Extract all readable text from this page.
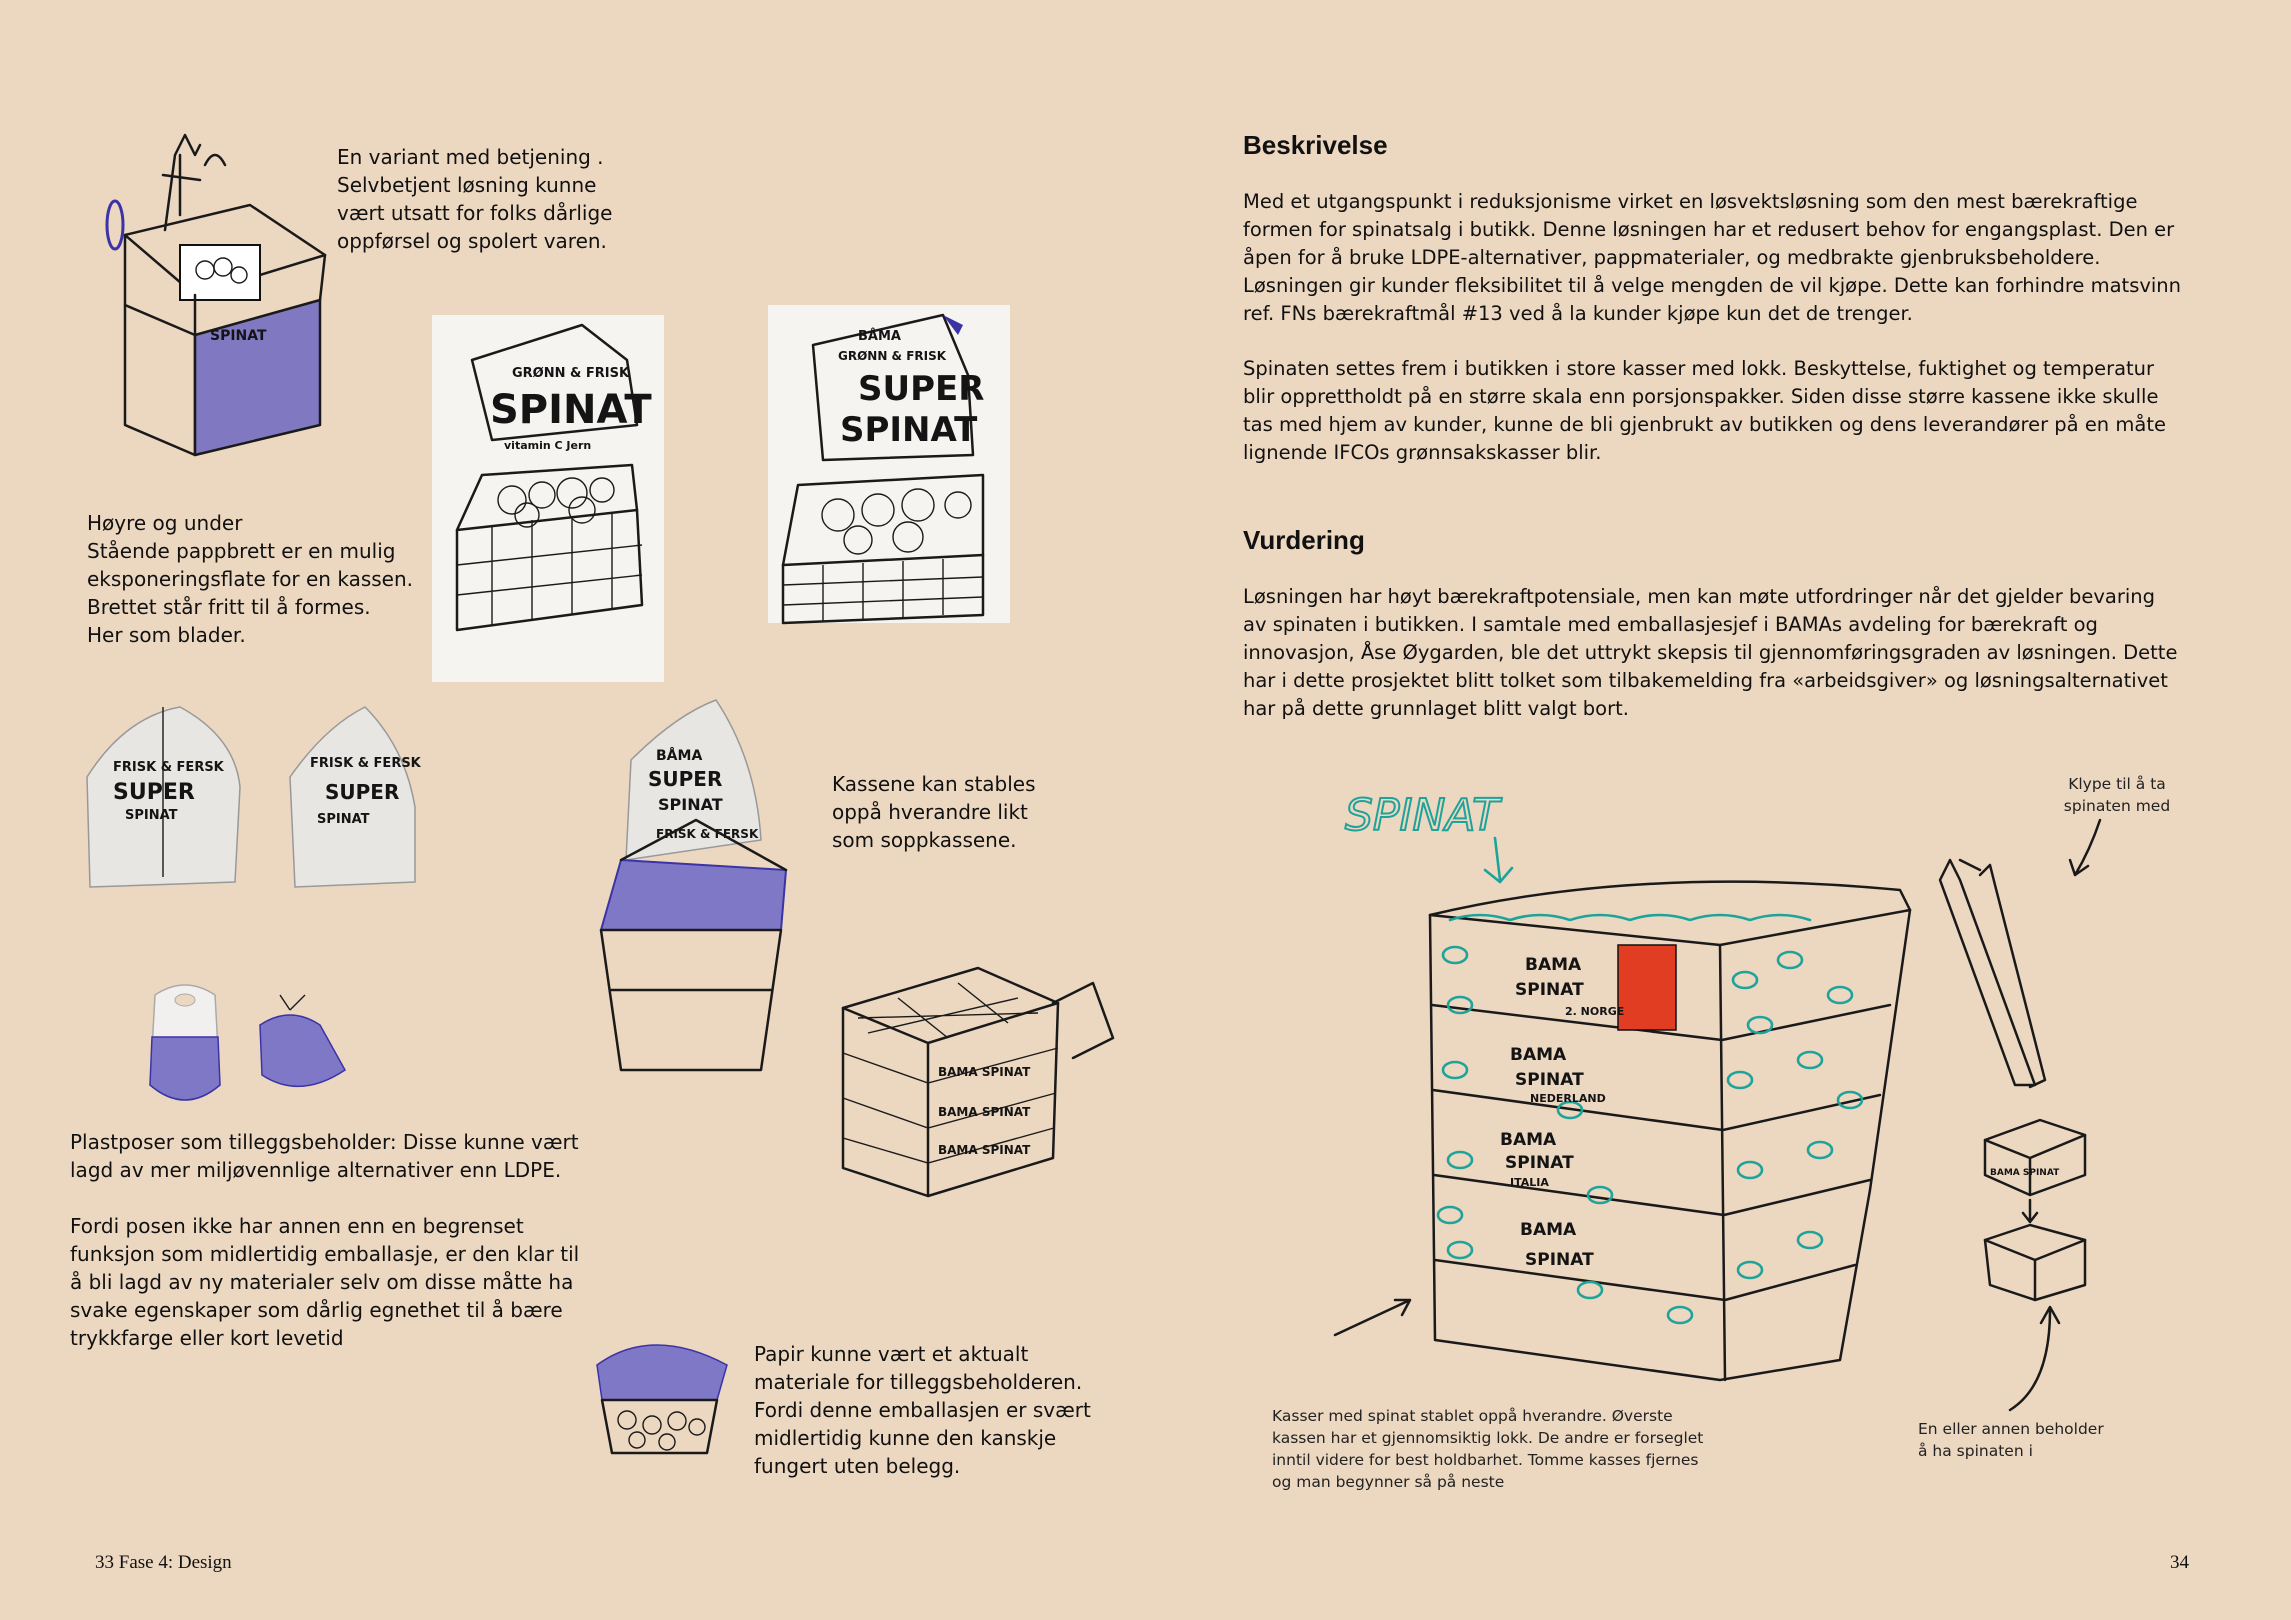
SPINAT
En variant med betjening .
Selvbetjent løsning kunne
vært utsatt for folks dårlige
oppførsel og spolert varen.
GRØNN & FRISK
SPINAT
vitamin C Jern
BÅMA
GRØNN & FRISK
SUPER
SPINAT
Høyre og under
Stående pappbrett er en mulig
eksponeringsflate for en kassen.
Brettet står fritt til å formes.
Her som blader.
FRISK & FERSK
SUPER
SPINAT
FRISK & FERSK
SUPER
SPINAT
BÅMA
SUPER
SPINAT
FRISK & FERSK
Kassene kan stables
oppå hverandre likt
som soppkassene.
BAMA SPINAT
BAMA SPINAT
BAMA SPINAT
Plastposer som tilleggsbeholder: Disse kunne vært
lagd av mer miljøvennlige alternativer enn LDPE.

Fordi posen ikke har annen enn en begrenset
funksjon som midlertidig emballasje, er den klar til
å bli lagd av ny materialer selv om disse måtte ha
svake egenskaper som dårlig egnethet til å bære
trykkfarge eller kort levetid
Papir kunne vært et aktualt
materiale for tilleggsbeholderen.
Fordi denne emballasjen er svært
midlertidig kunne den kanskje
fungert uten belegg.
33 Fase 4: Design
Beskrivelse
Med et utgangspunkt i reduksjonisme virket en løsvektsløsning som den mest bærekraftige formen for spinatsalg i butikk. Denne løsningen har et redusert behov for engangsplast. Den er åpen for å bruke LDPE-alternativer, pappmaterialer, og medbrakte gjenbruksbeholdere. Løsningen gir kunder fleksibilitet til å velge mengden de vil kjøpe. Dette kan forhindre matsvinn ref. FNs bærekraftmål #13 ved å la kunder kjøpe kun det de trenger.
Spinaten settes frem i butikken i store kasser med lokk. Beskyttelse, fuktighet og temperatur blir opprettholdt på en større skala enn porsjonspakker. Siden disse større kassene ikke skulle tas med hjem av kunder, kunne de bli gjenbrukt av butikken og dens leverandører på en måte lignende IFCOs grønnsakskasser blir.
Vurdering
Løsningen har høyt bærekraftpotensiale, men kan møte utfordringer når det gjelder bevaring av spinaten i butikken. I samtale med emballasjesjef i BAMAs avdeling for bærekraft og innovasjon, Åse Øygarden, ble det uttrykt skepsis til gjennomføringsgraden av løsningen. Dette har i dette prosjektet blitt tolket som tilbakemelding fra «arbeidsgiver» og løsningsalternativet har på dette grunnlaget blitt valgt bort.
SPINAT
BAMA
SPINAT
2. NORGE
BAMA
SPINAT
NEDERLAND
BAMA
SPINAT
ITALIA
BAMA
SPINAT
Klype til å ta
spinaten med
BAMA SPINAT
En eller annen beholder
å ha spinaten i
Kasser med spinat stablet oppå hverandre. Øverste
kassen har et gjennomsiktig lokk. De andre er forseglet
inntil videre for best holdbarhet. Tomme kasses fjernes
og man begynner så på neste
34
